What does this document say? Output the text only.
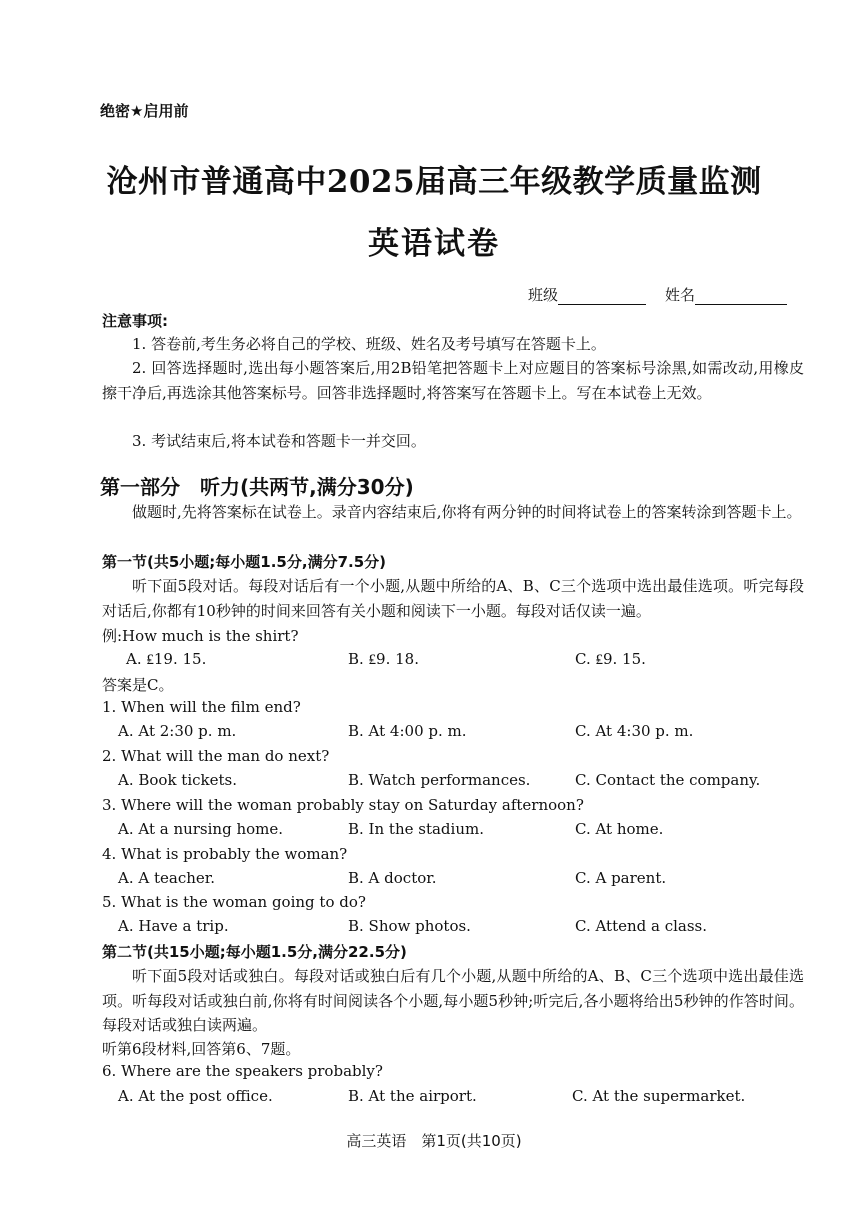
绝密★启用前
沧州市普通高中2025届高三年级教学质量监测
英语试卷
班级	姓名
注意事项:
1. 答卷前,考生务必将自己的学校、班级、姓名及考号填写在答题卡上。
2. 回答选择题时,选出每小题答案后,用2B铅笔把答题卡上对应题目的答案标号涂黑,如需改动,用橡皮擦干净后,再选涂其他答案标号。回答非选择题时,将答案写在答题卡上。写在本试卷上无效。
3. 考试结束后,将本试卷和答题卡一并交回。
第一部分　听力(共两节,满分30分)
做题时,先将答案标在试卷上。录音内容结束后,你将有两分钟的时间将试卷上的答案转涂到答题卡上。
第一节(共5小题;每小题1.5分,满分7.5分)
听下面5段对话。每段对话后有一个小题,从题中所给的A、B、C三个选项中选出最佳选项。听完每段对话后,你都有10秒钟的时间来回答有关小题和阅读下一小题。每段对话仅读一遍。
例:How much is the shirt?
A. ₤19. 15.	B. ₤9. 18.	C. ₤9. 15.
答案是C。
1. When will the film end?
A. At 2:30 p. m.	B. At 4:00 p. m.	C. At 4:30 p. m.
2. What will the man do next?
A. Book tickets.	B. Watch performances.	C. Contact the company.
3. Where will the woman probably stay on Saturday afternoon?
A. At a nursing home.	B. In the stadium.	C. At home.
4. What is probably the woman?
A. A teacher.	B. A doctor.	C. A parent.
5. What is the woman going to do?
A. Have a trip.	B. Show photos.	C. Attend a class.
第二节(共15小题;每小题1.5分,满分22.5分)
听下面5段对话或独白。每段对话或独白后有几个小题,从题中所给的A、B、C三个选项中选出最佳选项。听每段对话或独白前,你将有时间阅读各个小题,每小题5秒钟;听完后,各小题将给出5秒钟的作答时间。每段对话或独白读两遍。
听第6段材料,回答第6、7题。
6. Where are the speakers probably?
A. At the post office.	B. At the airport.	C. At the supermarket.
高三英语　第1页(共10页)
